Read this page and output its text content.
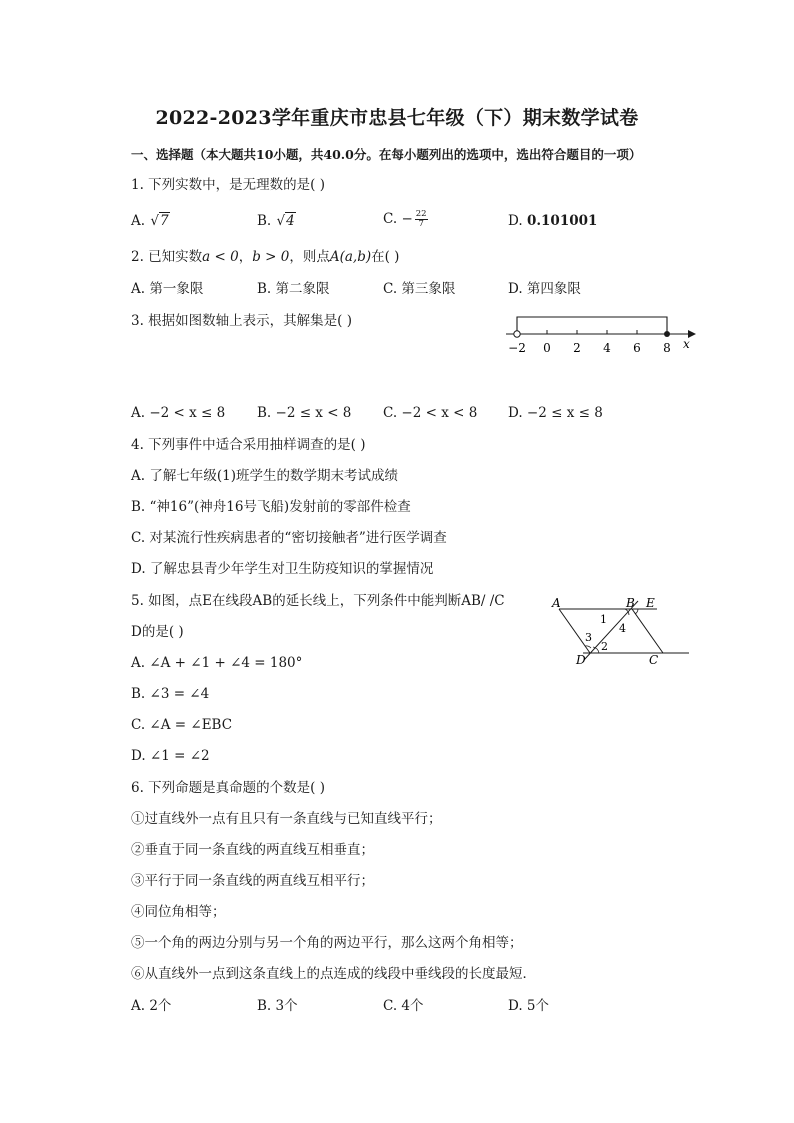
2022-2023学年重庆市忠县七年级（下）期末数学试卷
一、选择题（本大题共10小题，共40.0分。在每小题列出的选项中，选出符合题目的一项）
1. 下列实数中，是无理数的是( )
A. √7	B. √4	C. − $\frac{22}{7}$	D. 0.101001
2. 已知实数a < 0，b > 0，则点A(a,b)在( )
A. 第一象限	B. 第二象限	C. 第三象限	D. 第四象限
3. 根据如图数轴上表示，其解集是( )
−2 0 2 4 6 8 x
A. −2 < x ≤ 8 B. −2 ≤ x < 8 C. −2 < x < 8 D. −2 ≤ x ≤ 8
4. 下列事件中适合采用抽样调查的是( )
A. 了解七年级(1)班学生的数学期末考试成绩
B. “神16”(神舟16号飞船)发射前的零部件检查
C. 对某流行性疾病患者的“密切接触者”进行医学调查
D. 了解忠县青少年学生对卫生防疫知识的掌握情况
5. 如图，点E在线段AB的延长线上，下列条件中能判断AB/ /C
D的是( )
A. ∠A + ∠1 + ∠4 = 180°
B. ∠3 = ∠4
C. ∠A = ∠EBC
D. ∠1 = ∠2
A	B E
D	C
1
4
3
2
6. 下列命题是真命题的个数是( )
①过直线外一点有且只有一条直线与已知直线平行；
②垂直于同一条直线的两直线互相垂直；
③平行于同一条直线的两直线互相平行；
④同位角相等；
⑤一个角的两边分别与另一个角的两边平行，那么这两个角相等；
⑥从直线外一点到这条直线上的点连成的线段中垂线段的长度最短．
A. 2个	B. 3个	C. 4个	D. 5个
